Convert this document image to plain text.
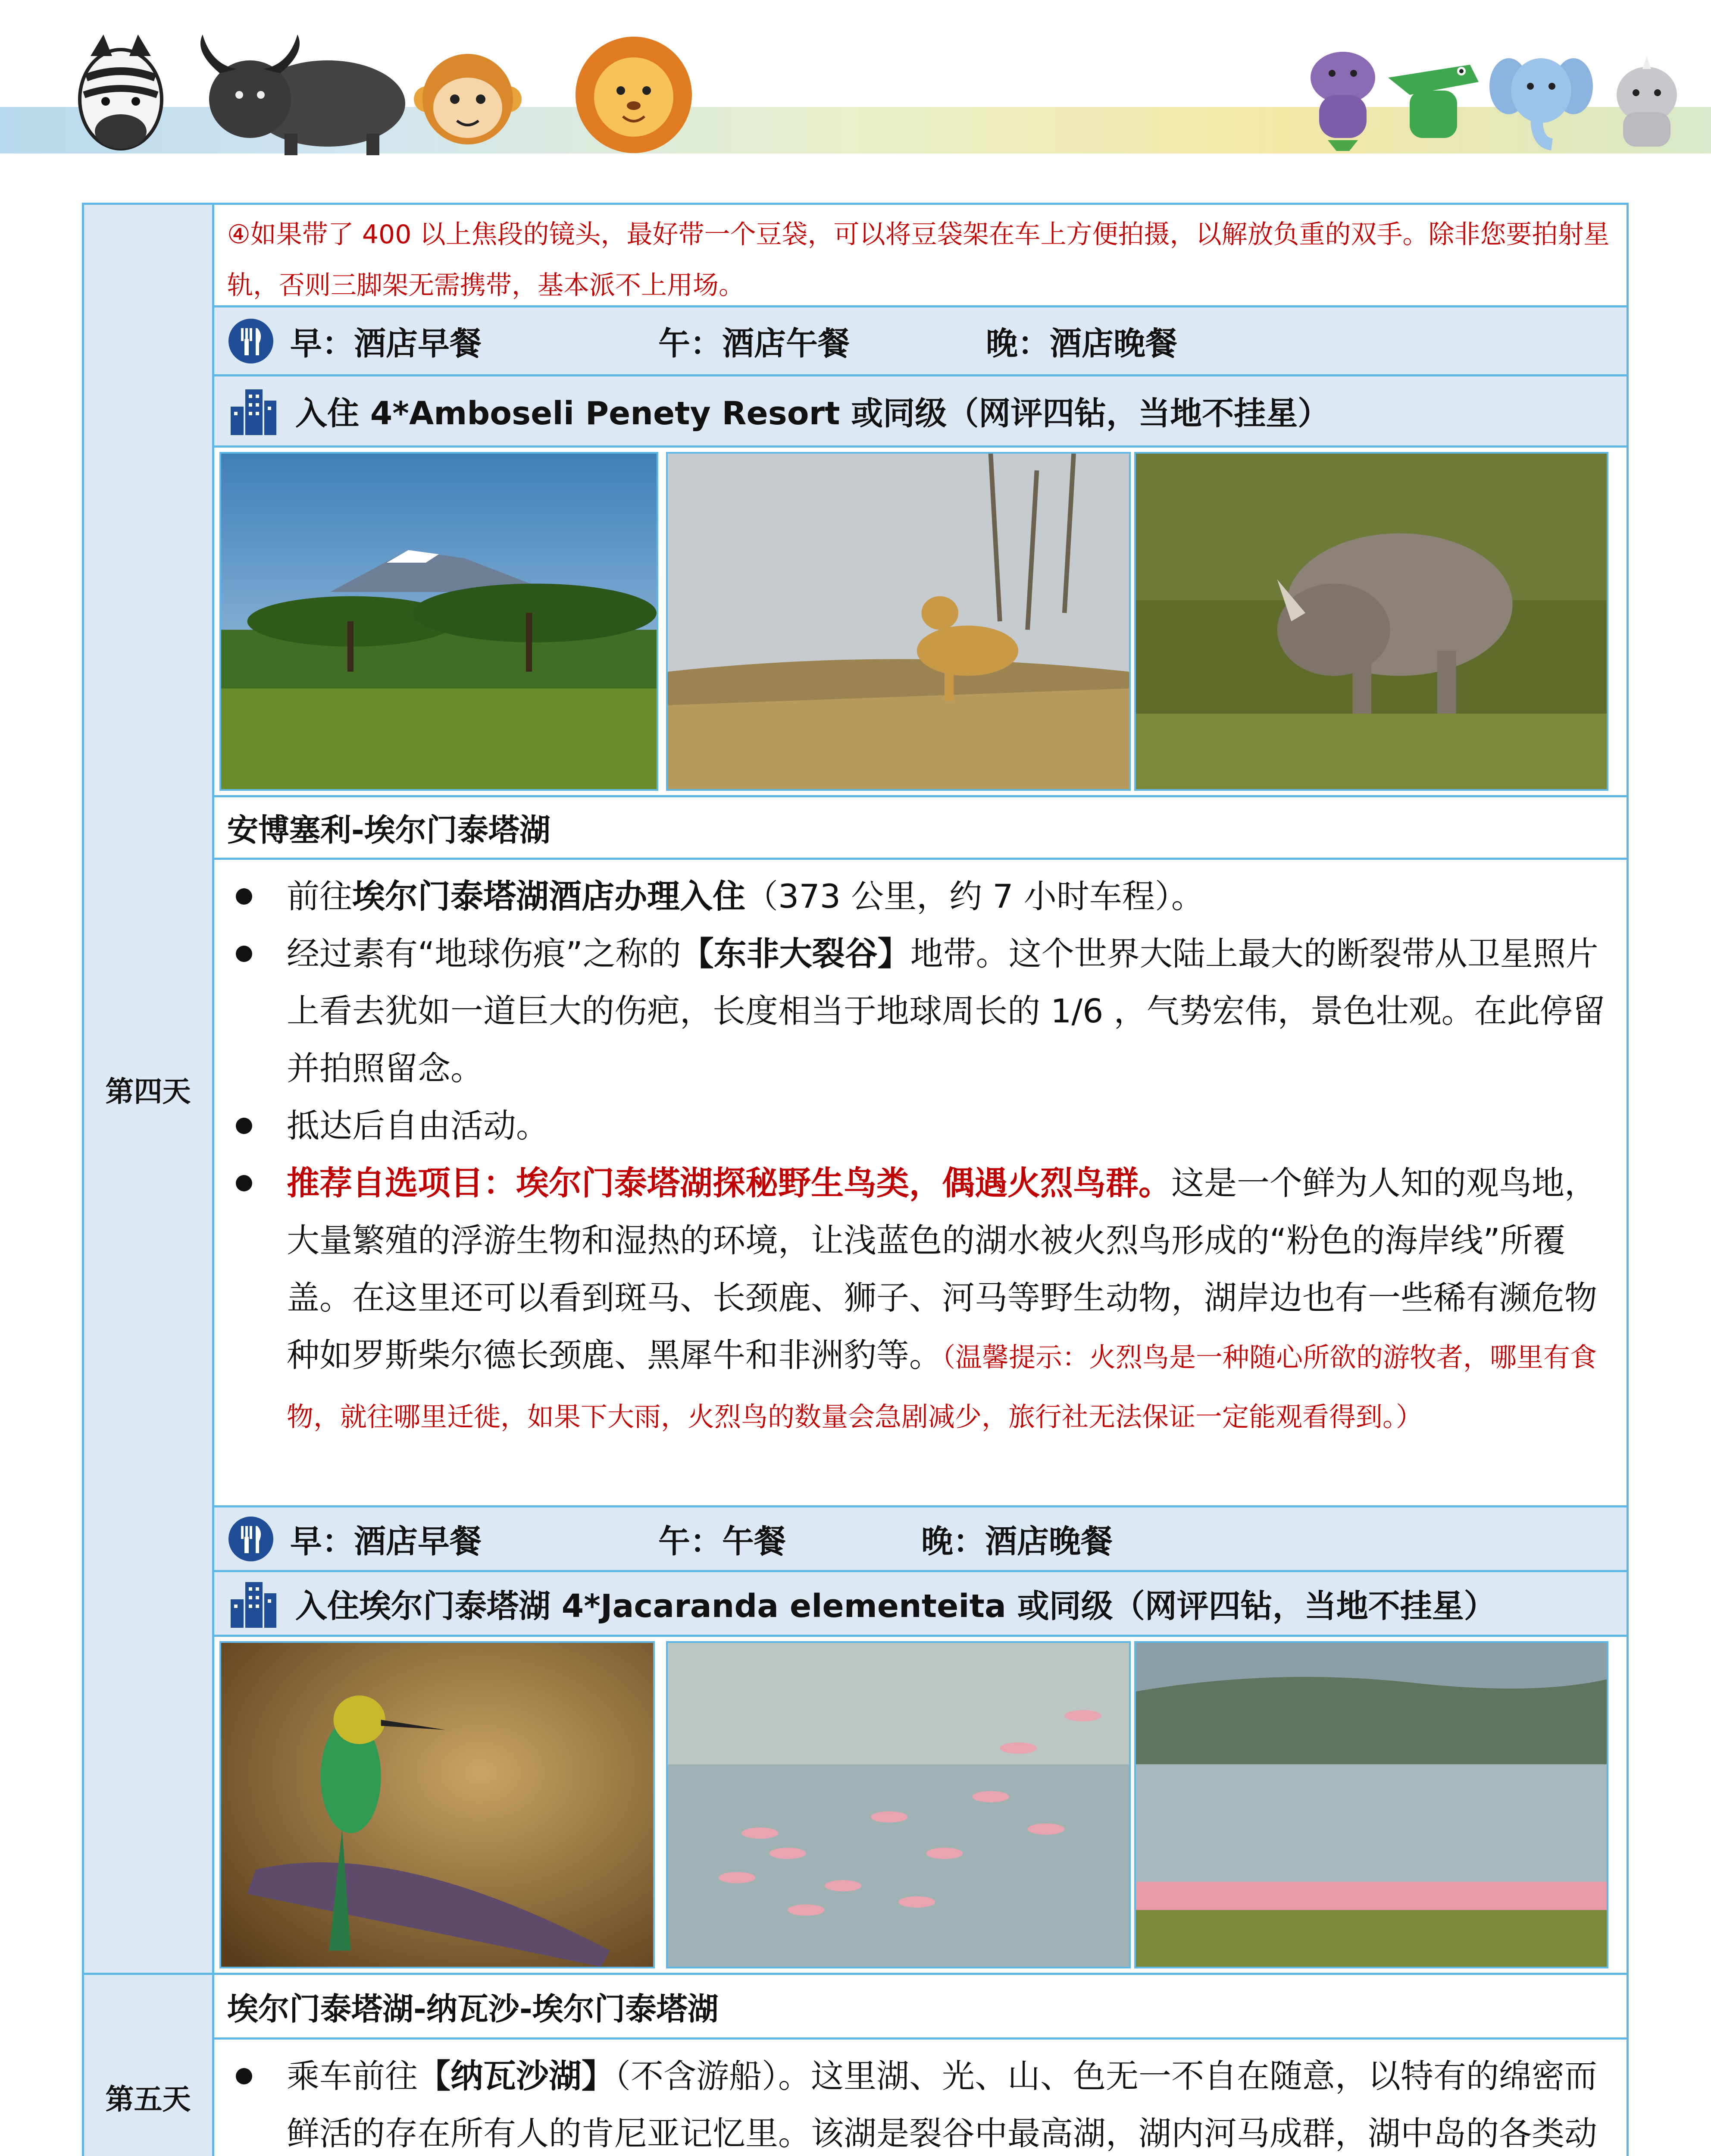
第四天
④如果带了 400 以上焦段的镜头，最好带一个豆袋，可以将豆袋架在车上方便拍摄，以解放负重的双手。除非您要拍射星轨，否则三脚架无需携带，基本派不上用场。
早：酒店早餐	午：酒店午餐	晚：酒店晚餐
入住 4*Amboseli Penety Resort 或同级（网评四钻，当地不挂星）
安博塞利-埃尔门泰塔湖
前往埃尔门泰塔湖酒店办理入住（373 公里，约 7 小时车程）。
经过素有“地球伤痕”之称的【东非大裂谷】地带。这个世界大陆上最大的断裂带从卫星照片上看去犹如一道巨大的伤疤，长度相当于地球周长的 1/6 ，气势宏伟，景色壮观。在此停留并拍照留念。
抵达后自由活动。
推荐自选项目：埃尔门泰塔湖探秘野生鸟类，偶遇火烈鸟群。这是一个鲜为人知的观鸟地，大量繁殖的浮游生物和湿热的环境，让浅蓝色的湖水被火烈鸟形成的“粉色的海岸线”所覆盖。在这里还可以看到斑马、长颈鹿、狮子、河马等野生动物，湖岸边也有一些稀有濒危物种如罗斯柴尔德长颈鹿、黑犀牛和非洲豹等。（温馨提示：火烈鸟是一种随心所欲的游牧者，哪里有食物，就往哪里迁徙，如果下大雨，火烈鸟的数量会急剧减少，旅行社无法保证一定能观看得到。）
早：酒店早餐	午：午餐	晚：酒店晚餐
入住埃尔门泰塔湖 4*Jacaranda elementeita 或同级（网评四钻，当地不挂星）
第五天
埃尔门泰塔湖-纳瓦沙-埃尔门泰塔湖
乘车前往【纳瓦沙湖】（不含游船）。这里湖、光、山、色无一不自在随意，以特有的绵密而鲜活的存在所有人的肯尼亚记忆里。该湖是裂谷中最高湖，湖内河马成群，湖中岛的各类动
